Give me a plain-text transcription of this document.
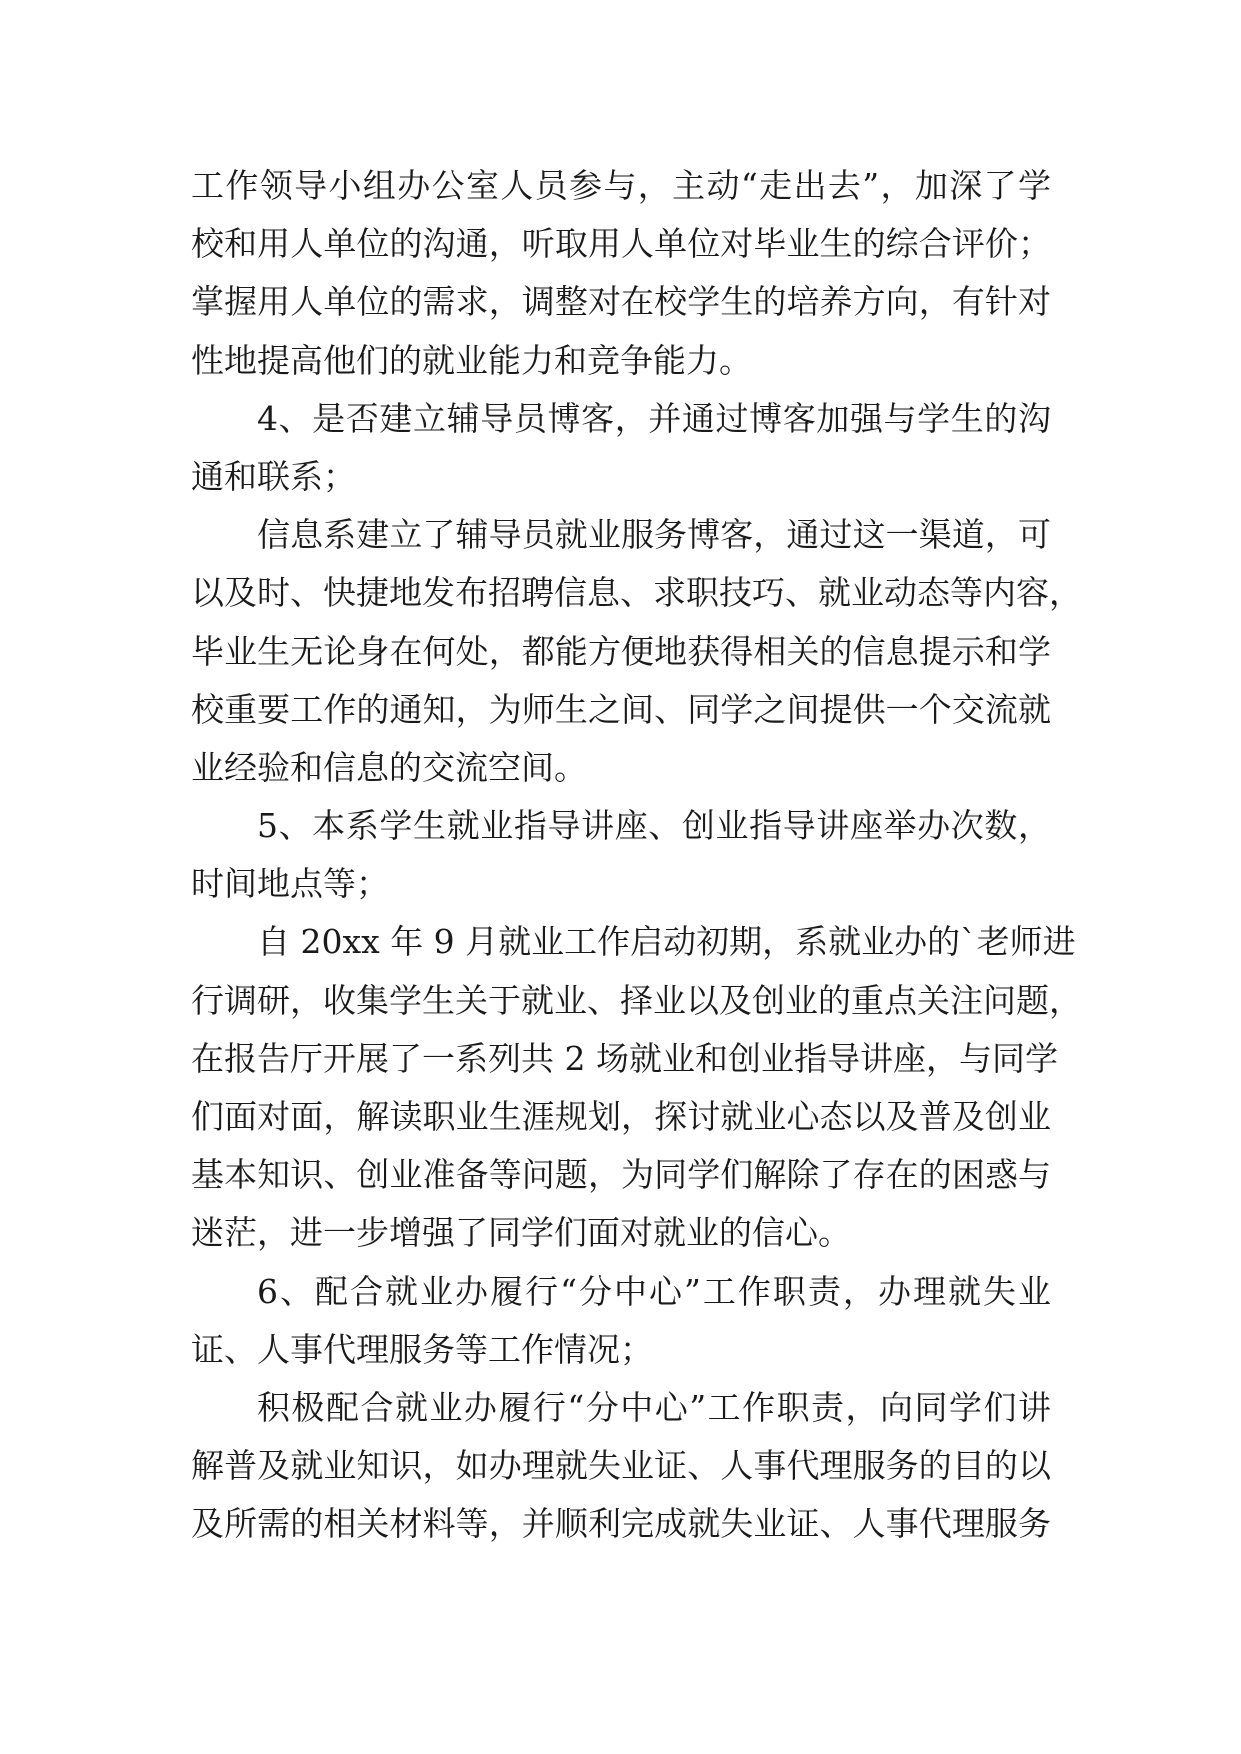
工作领导小组办公室人员参与，主动“走出去”，加深了学
校和用人单位的沟通，听取用人单位对毕业生的综合评价；
掌握用人单位的需求，调整对在校学生的培养方向，有针对
性地提高他们的就业能力和竞争能力。
4、是否建立辅导员博客，并通过博客加强与学生的沟
通和联系；
信息系建立了辅导员就业服务博客，通过这一渠道，可
以及时、快捷地发布招聘信息、求职技巧、就业动态等内容，
毕业生无论身在何处，都能方便地获得相关的信息提示和学
校重要工作的通知，为师生之间、同学之间提供一个交流就
业经验和信息的交流空间。
5、本系学生就业指导讲座、创业指导讲座举办次数，
时间地点等；
自 20xx 年 9 月就业工作启动初期，系就业办的`老师进
行调研，收集学生关于就业、择业以及创业的重点关注问题，
在报告厅开展了一系列共 2 场就业和创业指导讲座，与同学
们面对面，解读职业生涯规划，探讨就业心态以及普及创业
基本知识、创业准备等问题，为同学们解除了存在的困惑与
迷茫，进一步增强了同学们面对就业的信心。
6、配合就业办履行“分中心”工作职责，办理就失业
证、人事代理服务等工作情况；
积极配合就业办履行“分中心”工作职责，向同学们讲
解普及就业知识，如办理就失业证、人事代理服务的目的以
及所需的相关材料等，并顺利完成就失业证、人事代理服务
